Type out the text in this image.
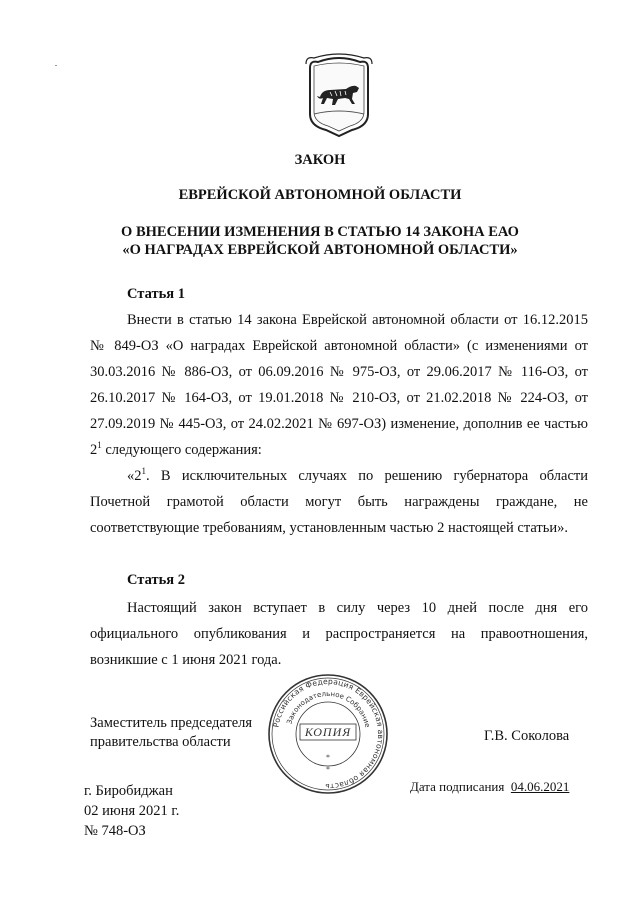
ЗАКОН
ЕВРЕЙСКОЙ АВТОНОМНОЙ ОБЛАСТИ
О ВНЕСЕНИИ ИЗМЕНЕНИЯ В СТАТЬЮ 14 ЗАКОНА ЕАО
«О НАГРАДАХ ЕВРЕЙСКОЙ АВТОНОМНОЙ ОБЛАСТИ»
Статья 1
Внести в статью 14 закона Еврейской автономной области от 16.12.2015 № 849-ОЗ «О наградах Еврейской автономной области» (с изменениями от 30.03.2016 № 886-ОЗ, от 06.09.2016 № 975-ОЗ, от 29.06.2017 № 116-ОЗ, от 26.10.2017 № 164-ОЗ, от 19.01.2018 № 210-ОЗ, от 21.02.2018 № 224-ОЗ, от 27.09.2019 № 445-ОЗ, от 24.02.2021 № 697-ОЗ) изменение, дополнив ее частью $2^1$ следующего содержания:
«$2^1$. В исключительных случаях по решению губернатора области Почетной грамотой области могут быть награждены граждане, не соответствующие требованиям, установленным частью 2 настоящей статьи».
Статья 2
Настоящий закон вступает в силу через 10 дней после дня его официального опубликования и распространяется на правоотношения, возникшие с 1 июня 2021 года.
Заместитель председателя
правительства области
Российская Федерация Еврейская автономная область
Законодательное Собрание
КОПИЯ
*
*
Г.В. Соколова
Дата подписания 04.06.2021
г. Биробиджан
02 июня 2021 г.
№ 748-ОЗ
